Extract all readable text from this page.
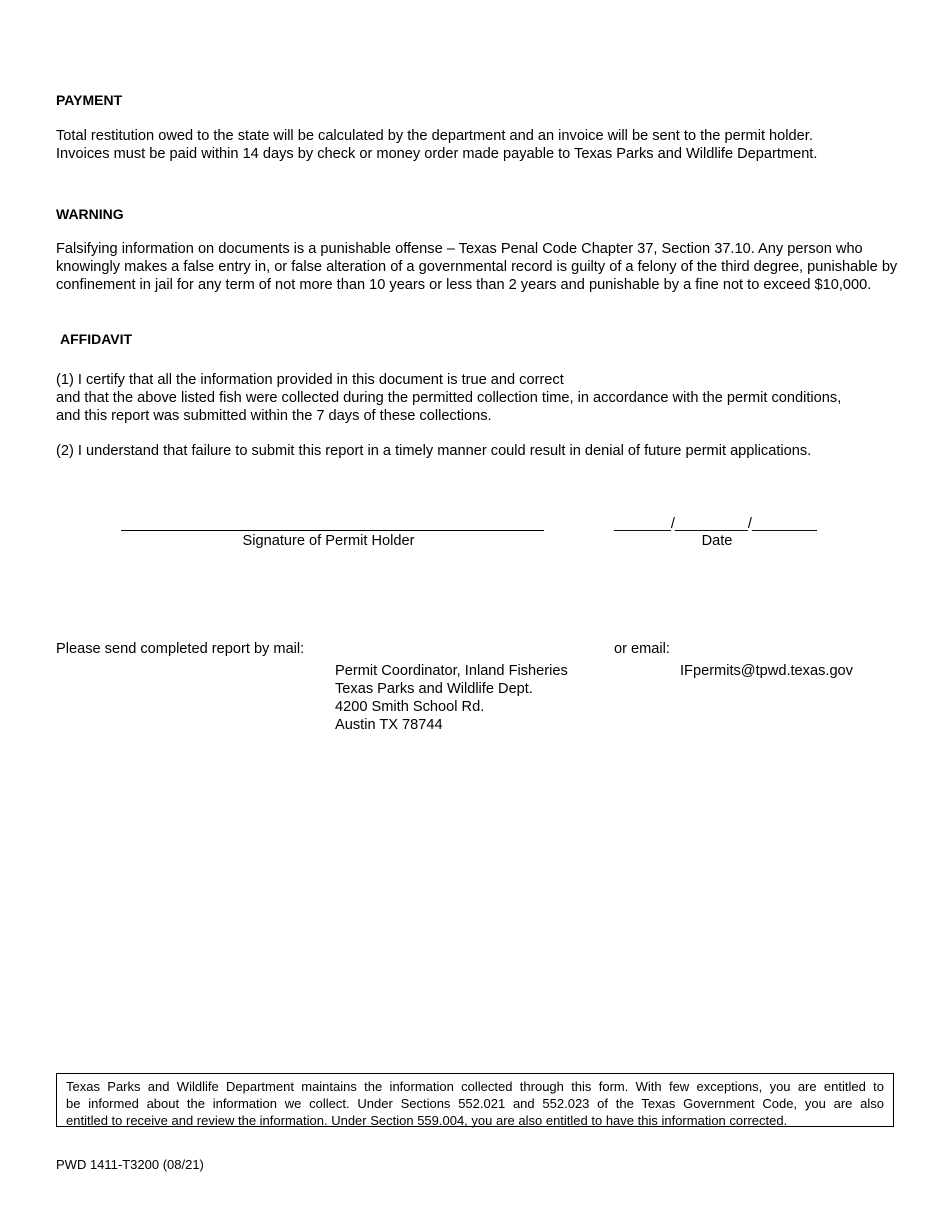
PAYMENT
Total restitution owed to the state will be calculated by the department and an invoice will be sent to the permit holder.
Invoices must be paid within 14 days by check or money order made payable to Texas Parks and Wildlife Department.
WARNING
Falsifying information on documents is a punishable offense – Texas Penal Code Chapter 37, Section 37.10. Any person who knowingly makes a false entry in, or false alteration of a governmental record is guilty of a felony of the third degree, punishable by confinement in jail for any term of not more than 10 years or less than 2 years and punishable by a fine not to exceed $10,000.
AFFIDAVIT
(1) I certify that all the information provided in this document is true and correct
and that the above listed fish were collected during the permitted collection time, in accordance with the permit conditions,
and this report was submitted within the 7 days of these collections.
(2) I understand that failure to submit this report in a timely manner could result in denial of future permit applications.
Signature of Permit Holder
_______/_________/________
Date
Please send completed report by mail:
Permit Coordinator, Inland Fisheries
Texas Parks and Wildlife Dept.
4200 Smith School Rd.
Austin TX 78744
or email:
IFpermits@tpwd.texas.gov
Texas Parks and Wildlife Department maintains the information collected through this form. With few exceptions, you are entitled to
be informed about the information we collect. Under Sections 552.021 and 552.023 of the Texas Government Code, you are also
entitled to receive and review the information. Under Section 559.004, you are also entitled to have this information corrected.
PWD 1411-T3200 (08/21)
